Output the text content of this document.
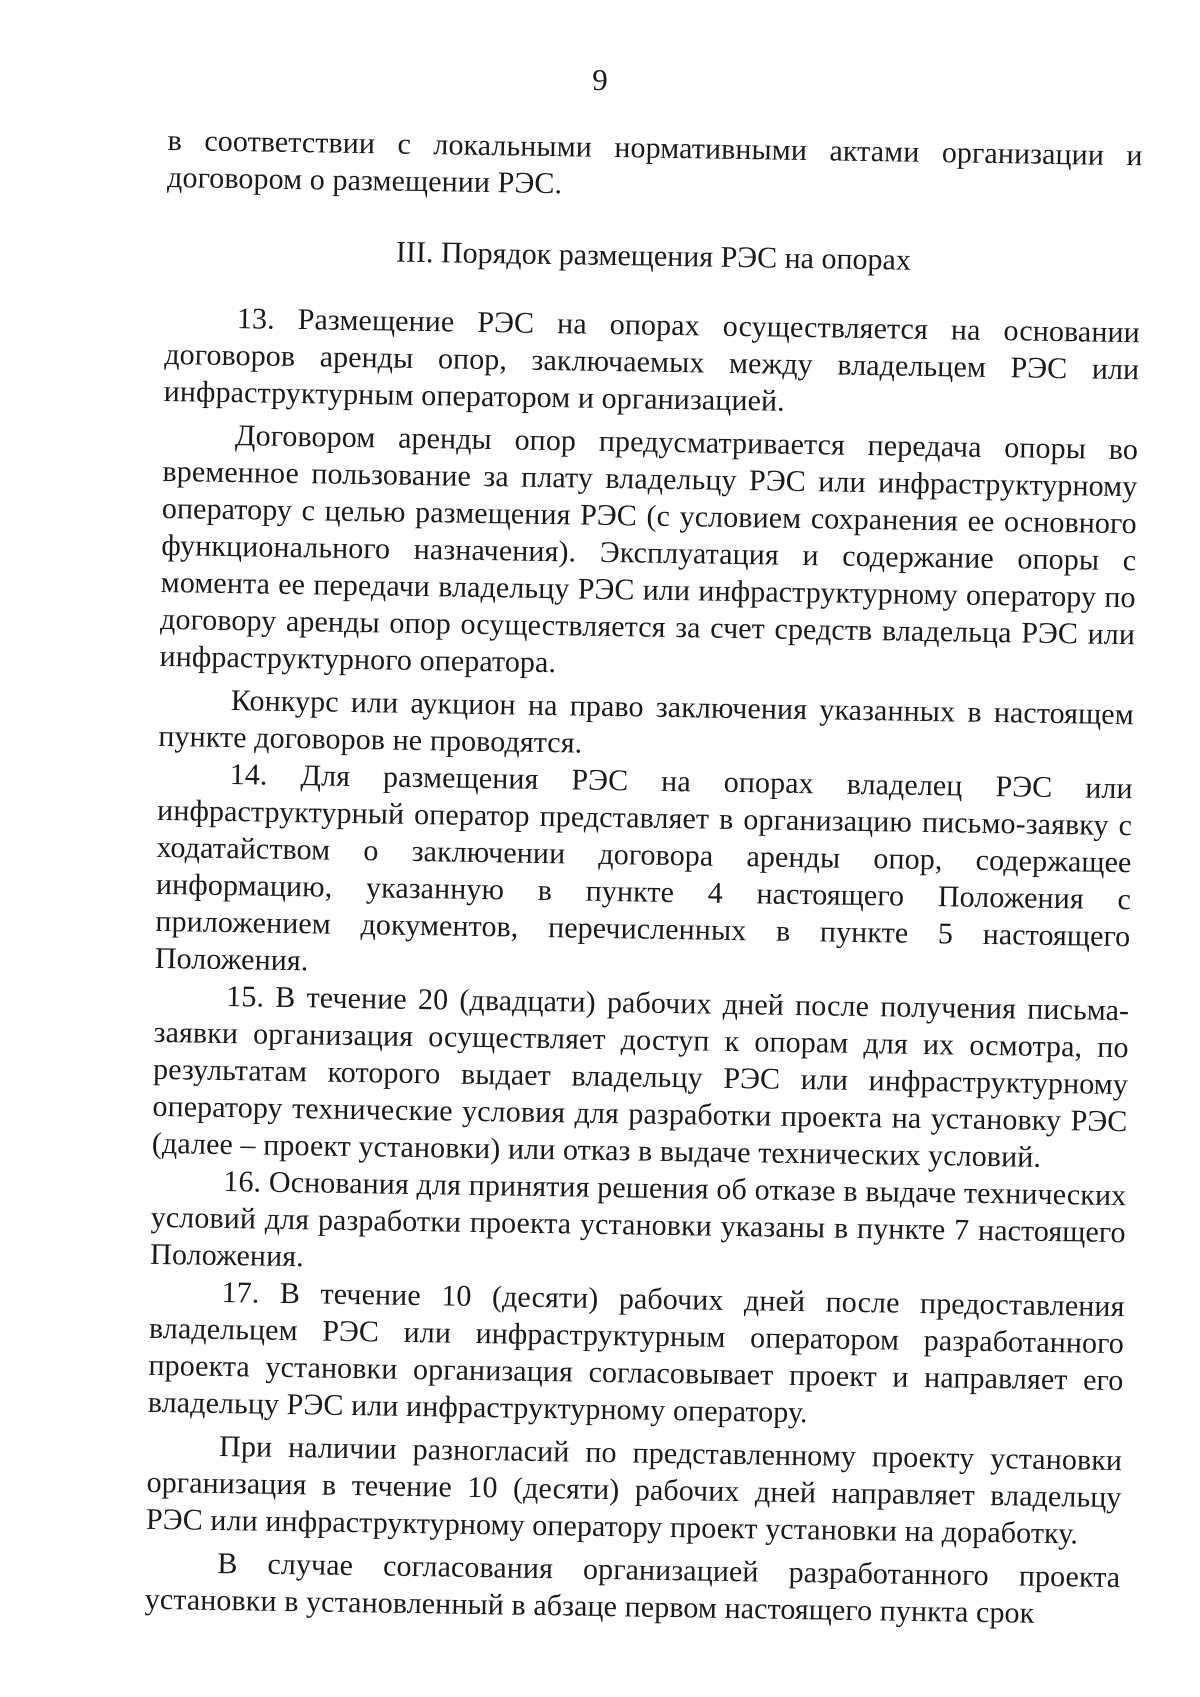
9

в соответствии с локальными нормативными актами организации и договором о размещении РЭС.

III. Порядок размещения РЭС на опорах

13. Размещение РЭС на опорах осуществляется на основании договоров аренды опор, заключаемых между владельцем РЭС или инфраструктурным оператором и организацией.

Договором аренды опор предусматривается передача опоры во временное пользование за плату владельцу РЭС или инфраструктурному оператору с целью размещения РЭС (с условием сохранения ее основного функционального назначения). Эксплуатация и содержание опоры с момента ее передачи владельцу РЭС или инфраструктурному оператору по договору аренды опор осуществляется за счет средств владельца РЭС или инфраструктурного оператора.

Конкурс или аукцион на право заключения указанных в настоящем пункте договоров не проводятся.

14. Для размещения РЭС на опорах владелец РЭС или инфраструктурный оператор представляет в организацию письмо-заявку с ходатайством о заключении договора аренды опор, содержащее информацию, указанную в пункте 4 настоящего Положения с приложением документов, перечисленных в пункте 5 настоящего Положения.

15. В течение 20 (двадцати) рабочих дней после получения письма-заявки организация осуществляет доступ к опорам для их осмотра, по результатам которого выдает владельцу РЭС или инфраструктурному оператору технические условия для разработки проекта на установку РЭС (далее – проект установки) или отказ в выдаче технических условий.

16. Основания для принятия решения об отказе в выдаче технических условий для разработки проекта установки указаны в пункте 7 настоящего Положения.

17. В течение 10 (десяти) рабочих дней после предоставления владельцем РЭС или инфраструктурным оператором разработанного проекта установки организация согласовывает проект и направляет его владельцу РЭС или инфраструктурному оператору.

При наличии разногласий по представленному проекту установки организация в течение 10 (десяти) рабочих дней направляет владельцу РЭС или инфраструктурному оператору проект установки на доработку.

В случае согласования организацией разработанного проекта установки в установленный в абзаце первом настоящего пункта срок
